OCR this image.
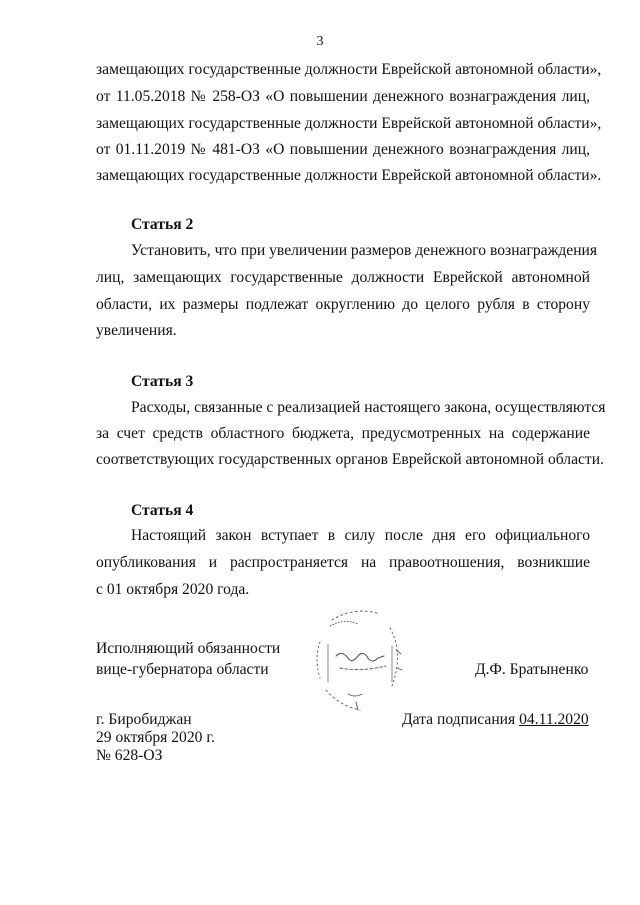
3
замещающих государственные должности Еврейской автономной области»,
от 11.05.2018 № 258-ОЗ «О повышении денежного вознаграждения лиц,
замещающих государственные должности Еврейской автономной области»,
от 01.11.2019 № 481-ОЗ «О повышении денежного вознаграждения лиц,
замещающих государственные должности Еврейской автономной области».
Статья 2
Установить, что при увеличении размеров денежного вознаграждения
лиц, замещающих государственные должности Еврейской автономной
области, их размеры подлежат округлению до целого рубля в сторону
увеличения.
Статья 3
Расходы, связанные с реализацией настоящего закона, осуществляются
за счет средств областного бюджета, предусмотренных на содержание
соответствующих государственных органов Еврейской автономной области.
Статья 4
Настоящий закон вступает в силу после дня его официального
опубликования и распространяется на правоотношения, возникшие
с 01 октября 2020 года.
Исполняющий обязанности
вице-губернатора области	Д.Ф. Братыненко
г. Биробиджан
29 октября 2020 г.
№ 628-ОЗ
Дата подписания 04.11.2020
